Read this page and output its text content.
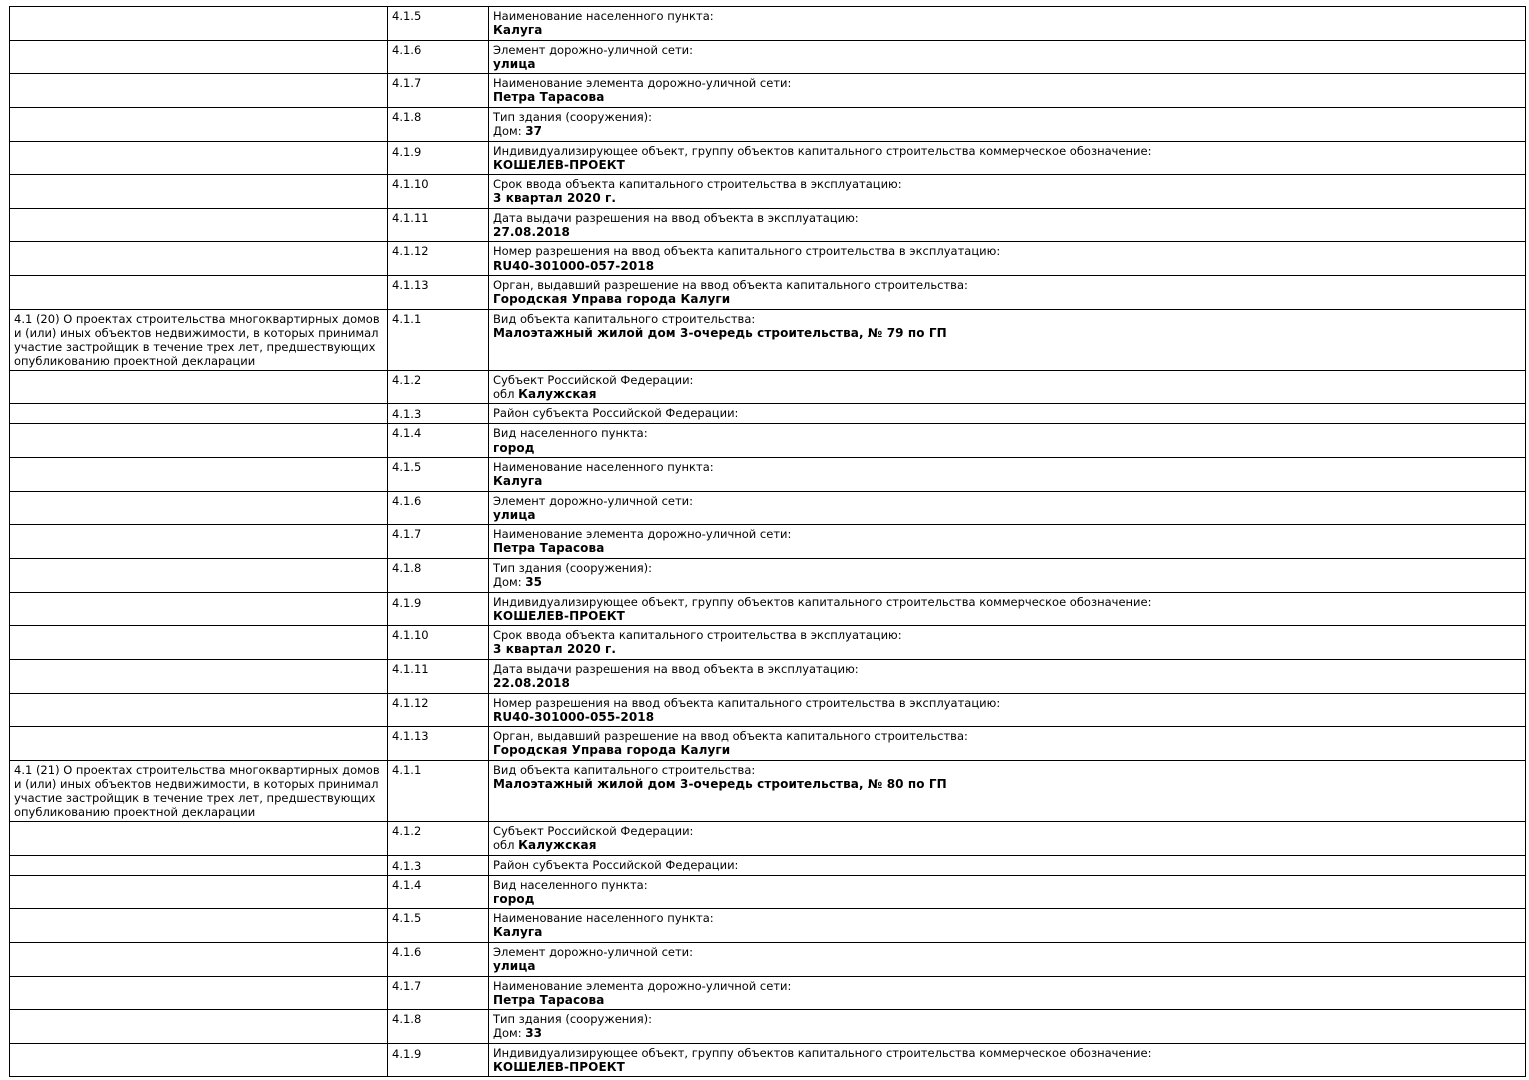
	4.1.5	Наименование населенного пункта:
Калуга

	4.1.6	Элемент дорожно-уличной сети:
улица

	4.1.7	Наименование элемента дорожно-уличной сети:
Петра Тарасова

	4.1.8	Тип здания (сооружения):
Дом: 37
	4.1.9	Индивидуализирующее объект, группу объектов капитального строительства коммерческое обозначение:
КОШЕЛЕВ-ПРОЕКТ

	4.1.10	Срок ввода объекта капитального строительства в эксплуатацию:
3 квартал 2020 г.

	4.1.11	Дата выдачи разрешения на ввод объекта в эксплуатацию:
27.08.2018

	4.1.12	Номер разрешения на ввод объекта капитального строительства в эксплуатацию:
RU40-301000-057-2018

	4.1.13	Орган, выдавший разрешение на ввод объекта капитального строительства:
Городская Управа города Калуги

4.1 (20) О проектах строительства многоквартирных домов и (или) иных объектов недвижимости, в которых принимал участие застройщик в течение трех лет, предшествующих опубликованию проектной декларации	4.1.1	Вид объекта капитального строительства:
Малоэтажный жилой дом 3-очередь строительства, № 79 по ГП

	4.1.2	Субъект Российской Федерации:
обл Калужская
	4.1.3	Район субъекта Российской Федерации:

	4.1.4	Вид населенного пункта:
город

	4.1.5	Наименование населенного пункта:
Калуга

	4.1.6	Элемент дорожно-уличной сети:
улица

	4.1.7	Наименование элемента дорожно-уличной сети:
Петра Тарасова

	4.1.8	Тип здания (сооружения):
Дом: 35
	4.1.9	Индивидуализирующее объект, группу объектов капитального строительства коммерческое обозначение:
КОШЕЛЕВ-ПРОЕКТ

	4.1.10	Срок ввода объекта капитального строительства в эксплуатацию:
3 квартал 2020 г.

	4.1.11	Дата выдачи разрешения на ввод объекта в эксплуатацию:
22.08.2018

	4.1.12	Номер разрешения на ввод объекта капитального строительства в эксплуатацию:
RU40-301000-055-2018

	4.1.13	Орган, выдавший разрешение на ввод объекта капитального строительства:
Городская Управа города Калуги

4.1 (21) О проектах строительства многоквартирных домов и (или) иных объектов недвижимости, в которых принимал участие застройщик в течение трех лет, предшествующих опубликованию проектной декларации	4.1.1	Вид объекта капитального строительства:
Малоэтажный жилой дом 3-очередь строительства, № 80 по ГП

	4.1.2	Субъект Российской Федерации:
обл Калужская
	4.1.3	Район субъекта Российской Федерации:

	4.1.4	Вид населенного пункта:
город

	4.1.5	Наименование населенного пункта:
Калуга

	4.1.6	Элемент дорожно-уличной сети:
улица

	4.1.7	Наименование элемента дорожно-уличной сети:
Петра Тарасова

	4.1.8	Тип здания (сооружения):
Дом: 33
	4.1.9	Индивидуализирующее объект, группу объектов капитального строительства коммерческое обозначение:
КОШЕЛЕВ-ПРОЕКТ
